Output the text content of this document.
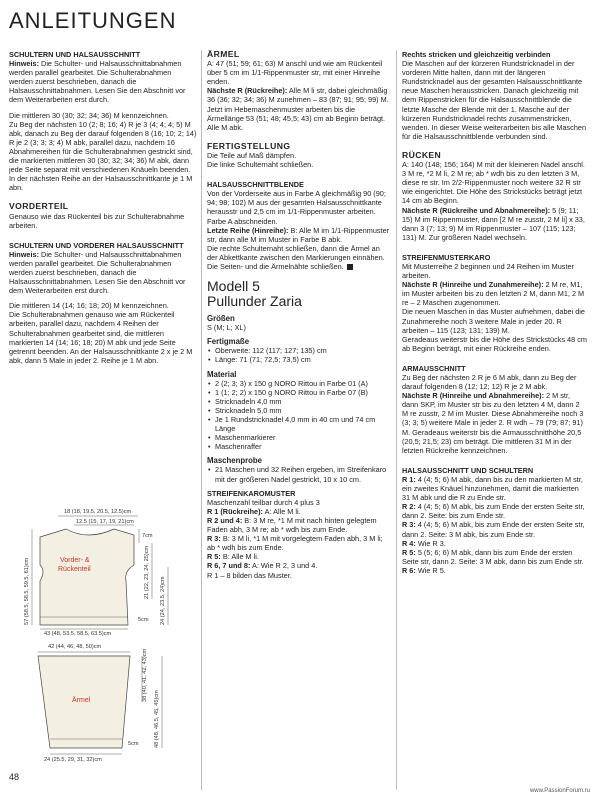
ANLEITUNGEN
SCHULTERN UND HALSAUSSCHNITT

Hinweis: Die Schulter- und Halsausschnittabnahmen werden parallel gearbeitet. Die Schulterabnahmen werden zuerst beschrieben, danach die Halsausschnittabnahmen. Lesen Sie den Abschnitt vor dem Weiterarbeiten erst durch.

Die mittleren 30 (30; 32; 34; 36) M kennzeichnen.

Zu Beg der nächsten 10 (2; 8; 16; 4) R je 3 (4; 4; 4; 5) M abk, danach zu Beg der darauf folgenden 8 (16; 10; 2; 14) R je 2 (3; 3; 3; 4) M abk, parallel dazu, nachdem 16 Abnahmereihen für die Schulterabnahmen gestrickt sind, die markierten mittleren 30 (30; 32; 34; 36) M abk, dann jede Seite separat mit verschiedenen Knäueln beenden. In der nächsten Reihe an der Halsausschnittkante je 1 M abn.

VORDERTEIL

Genauso wie das Rückenteil bis zur Schulterabnahme arbeiten.

SCHULTERN UND VORDERER HALSAUSSCHNITT

Hinweis: Die Schulter- und Halsausschnittabnahmen werden parallel gearbeitet. Die Schulterabnahmen werden zuerst beschrieben, danach die Halsausschnittabnahmen. Lesen Sie den Abschnitt vor dem Weiterarbeiten erst durch.

Die mittleren 14 (14; 16; 18; 20) M kennzeichnen.

Die Schulterabnahmen genauso wie am Rückenteil arbeiten, parallel dazu, nachdem 4 Reihen der Schulterabnahmen gearbeitet sind, die mittleren markierten 14 (14; 16; 18; 20) M abk und jede Seite getrennt beenden. An der Halsausschnittkante 2 x je 2 M abk, dann 5 Male in jeder 2. Reihe je 1 M abn.

18 (18, 19.5, 20.5, 12.5)cm
12.5 (15, 17, 19, 21)cm
Vorder- &
Rückenteil
57 (58.5, 58.5, 59.5, 61)cm
7cm
21 (22, 23, 24, 25)cm
24 (24, 23.5, 24)cm
5cm
43 (48, 53.5, 58.5, 63.5)cm
42 (44, 46, 48, 50)cm
Ärmel	38 (40, 41, 42, 43)cm
48 (48, 46.5, 45, 45)cm
5cm
24 (25.5, 29, 31, 32)cm
ÄRMEL

A: 47 (51; 59; 61; 63) M anschl und wie am Rückenteil über 5 cm im 1/1-Rippenmuster str, mit einer Hinreihe enden.

Nächste R (Rückreihe): Alle M li str, dabei gleichmäßig 36 (36; 32; 34; 36) M zunehmen – 83 (87; 91; 95; 99) M. Jetzt im Hebemaschenmuster arbeiten bis die Ärmellänge 53 (51; 48; 45,5; 43) cm ab Beginn beträgt. Alle M abk.

FERTIGSTELLUNG

Die Teile auf Maß dämpfen.

Die linke Schulternaht schließen.

HALSAUSSCHNITTBLENDE

Von der Vorderseite aus in Farbe A gleichmäßig 90 (90; 94; 98; 102) M aus der gesamten Halsausschnittkante herausstr und 2,5 cm im 1/1-Rippenmuster arbeiten. Farbe A abschneiden.

Letzte Reihe (Hinreihe): B: Alle M im 1/1-Rippenmuster str, dann alle M im Muster in Farbe B abk.

Die rechte Schulternaht schließen, dann die Ärmel an der Abkettkante zwischen den Markierungen einnähen. Die Seiten- und die Ärmelnähte schließen.

Modell 5
Pullunder Zaria
Größen

S (M; L; XL)

Fertigmaße
• Oberweite: 112 (117; 127; 135) cm
• Länge: 71 (71; 72,5; 73,5) cm
Material
• 2 (2; 3; 3) x 150 g NORO Rittou in Farbe 01 (A)
• 1 (1; 2; 2) x 150 g NORO Rittou in Farbe 07 (B)
• Stricknadeln 4,0 mm
• Stricknadeln 5,0 mm
• Je 1 Rundstricknadel 4,0 mm in 40 cm und 74 cm Länge
• Maschenmarkierer
• Maschenraffer
Maschenprobe
• 21 Maschen und 32 Reihen ergeben, im Streifenkaro mit der größeren Nadel gestrickt, 10 x 10 cm.
STREIFENKAROMUSTER

Maschenzahl teilbar durch 4 plus 3

R 1 (Rückreihe): A: Alle M li.

R 2 und 4: B: 3 M re, *1 M mit nach hinten gelegtem Faden abh, 3 M re; ab * wdh bis zum Ende.

R 3: B: 3 M li, *1 M mit vorgelegtem Faden abh, 3 M li; ab * wdh bis zum Ende.

R 5: B: Alle M li.

R 6, 7 und 8: A: Wie R 2, 3 und 4.

R 1 – 8 bilden das Muster.

Rechts stricken und gleichzeitig verbinden

Die Maschen auf der kürzeren Rundstricknadel in der vorderen Mitte halten, dann mit der längeren Rundstricknadel aus der gesamten Halsausschnittkante neue Maschen herausstricken. Danach gleichzeitig mit dem Rippenstricken für die Halsausschnittblende die letzte Masche der Blende mit der 1. Masche auf der kürzeren Rundstricknadel rechts zusammenstricken, wenden. In dieser Weise weiterarbeiten bis alle Maschen für die Halsausschnittblende verbunden sind.

RÜCKEN

A: 140 (148; 156; 164) M mit der kleineren Nadel anschl. 3 M re, *2 M li, 2 M re; ab * wdh bis zu den letzten 3 M, diese re str. Im 2/2-Rippenmuster noch weitere 32 R str wie eingerichtet. Die Höhe des Strickstücks beträgt jetzt 14 cm ab Beginn.

Nächste R (Rückreihe und Abnahmereihe): 5 (9; 11; 15) M im Rippenmuster, dann [2 M re zusstr, 2 M li] x 33, dann 3 (7; 13; 9) M im Rippenmuster – 107 (115; 123; 131) M. Zur größeren Nadel wechseln.

STREIFENMUSTERKARO

Mit Musterreihe 2 beginnen und 24 Reihen im Muster arbeiten.

Nächste R (Hinreihe und Zunahmereihe): 2 M re, M1, im Muster arbeiten bis zu den letzten 2 M, dann M1, 2 M re – 2 Maschen zugenommen.

Die neuen Maschen in das Muster aufnehmen, dabei die Zunahmereihe noch 3 weitere Male in jeder 20. R arbeiten – 115 (123; 131; 139) M.

Geradeaus weiterstr bis die Höhe des Strickstücks 48 cm ab Beginn beträgt, mit einer Rückreihe enden.

ARMAUSSCHNITT

Zu Beg der nächsten 2 R je 6 M abk, dann zu Beg der darauf folgenden 8 (12; 12; 12) R je 2 M abk.

Nächste R (Hinreihe und Abnahmereihe): 2 M str, dann SKP, im Muster str bis zu den letzten 4 M, dann 2 M re zusstr, 2 M im Muster. Diese Abnahmereihe noch 3 (3; 3; 5) weitere Male in jeder 2. R wdh – 79 (79; 87; 91) M. Geradeaus weiterstr bis die Armausschnitthöhe 20,5 (20,5; 21,5; 23) cm beträgt. Die mittleren 31 M in der letzten Rückreihe kennzeichnen.

HALSAUSSCHNITT UND SCHULTERN

R 1: 4 (4; 5; 6) M abk, dann bis zu den markierten M str, ein zweites Knäuel hinzunehmen, damit die markierten 31 M abk und die R zu Ende str.

R 2: 4 (4; 5; 6) M abk, bis zum Ende der ersten Seite str, dann 2. Seite: bis zum Ende str.

R 3: 4 (4; 5; 6) M abk, bis zum Ende der ersten Seite str, dann 2. Seite: 3 M abk, bis zum Ende str.

R 4: Wie R 3.

R 5: 5 (5; 6; 6) M abk, dann bis zum Ende der ersten Seite str, dann 2. Seite: 3 M abk, dann bis zum Ende str.

R 6: Wie R 5.

48
www.PassionForum.ru
